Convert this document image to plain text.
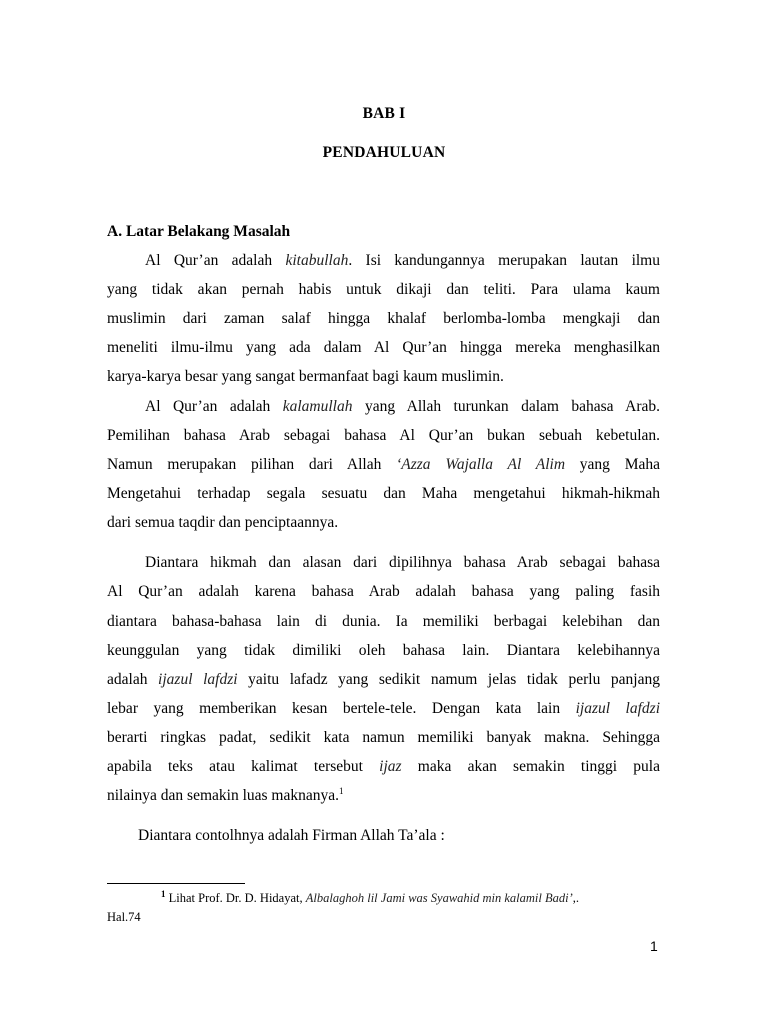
BAB I
PENDAHULUAN
A. Latar Belakang Masalah
Al Qur’an adalah kitabullah. Isi kandungannya merupakan lautan ilmu
yang tidak akan pernah habis untuk dikaji dan teliti. Para ulama kaum
muslimin dari zaman salaf hingga khalaf berlomba-lomba mengkaji dan
meneliti ilmu-ilmu yang ada dalam Al Qur’an hingga mereka menghasilkan
karya-karya besar yang sangat bermanfaat bagi kaum muslimin.
Al Qur’an adalah kalamullah yang Allah turunkan dalam bahasa Arab.
Pemilihan bahasa Arab sebagai bahasa Al Qur’an bukan sebuah kebetulan.
Namun merupakan pilihan dari Allah ‘Azza Wajalla Al Alim yang Maha
Mengetahui terhadap segala sesuatu dan Maha mengetahui hikmah-hikmah
dari semua taqdir dan penciptaannya.
Diantara hikmah dan alasan dari dipilihnya bahasa Arab sebagai bahasa
Al Qur’an adalah karena bahasa Arab adalah bahasa yang paling fasih
diantara bahasa-bahasa lain di dunia. Ia memiliki berbagai kelebihan dan
keunggulan yang tidak dimiliki oleh bahasa lain. Diantara kelebihannya
adalah ijazul lafdzi yaitu lafadz yang sedikit namum jelas tidak perlu panjang
lebar yang memberikan kesan bertele-tele. Dengan kata lain ijazul lafdzi
berarti ringkas padat, sedikit kata namun memiliki banyak makna. Sehingga
apabila teks atau kalimat tersebut ijaz maka akan semakin tinggi pula
nilainya dan semakin luas maknanya.$^1$
Diantara contolhnya adalah Firman Allah Ta’ala :
$^1$ Lihat Prof. Dr. D. Hidayat, Albalaghoh lil Jami was Syawahid min kalamil Badi’,.
Hal.74
1
